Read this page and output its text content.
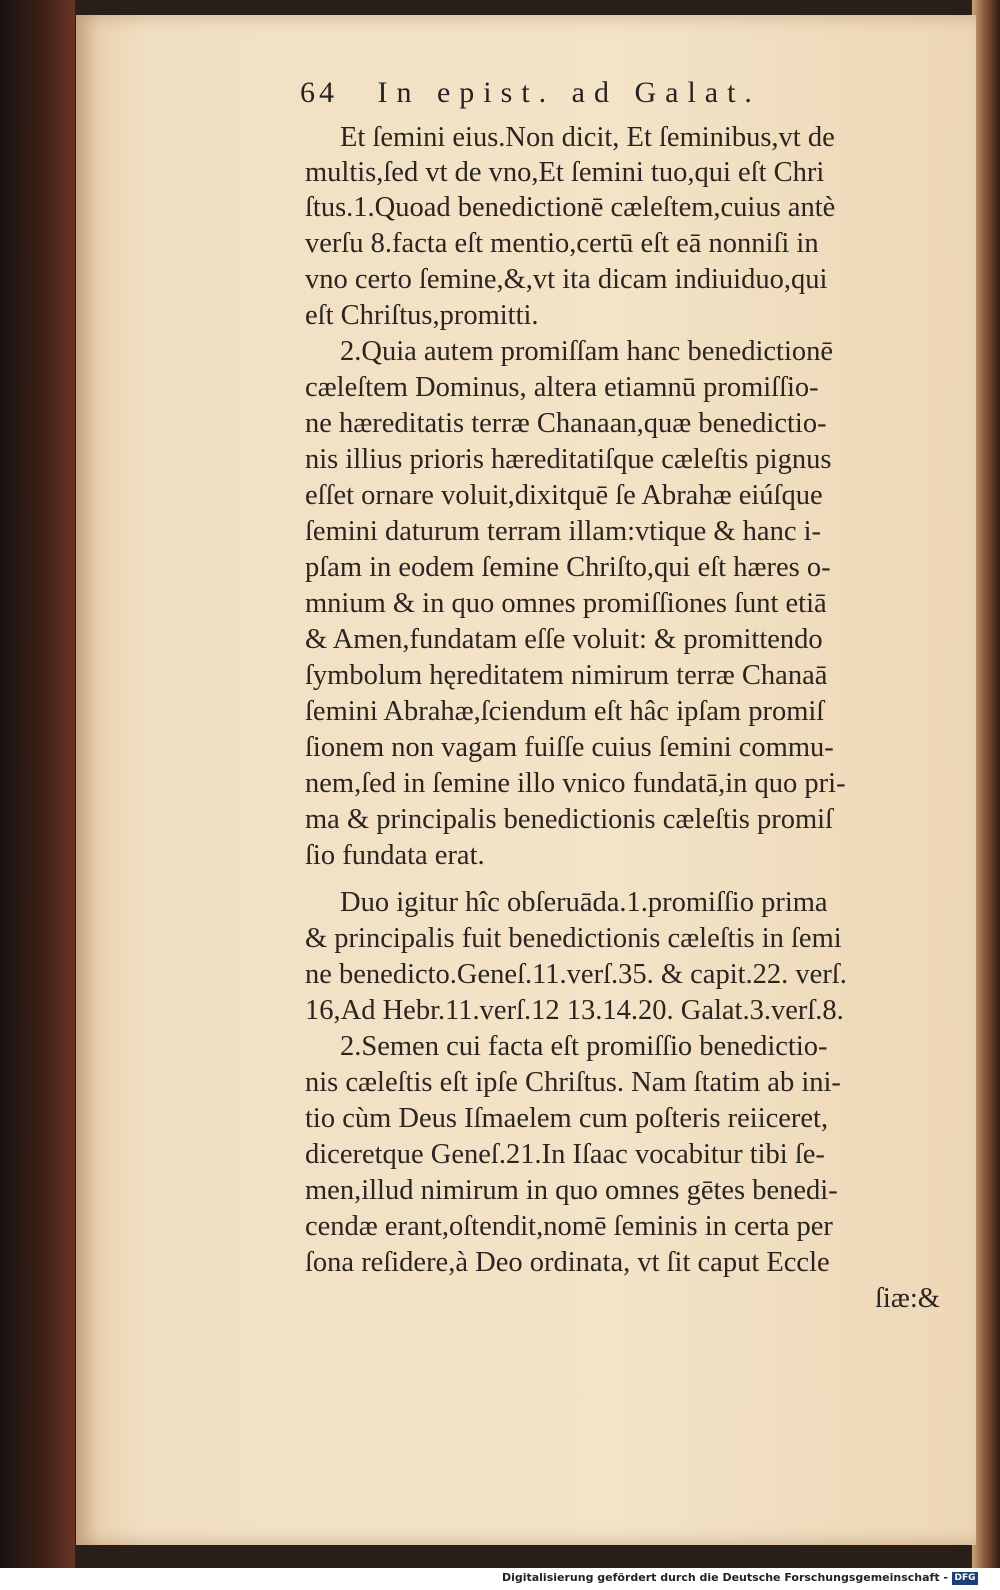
64 In epist. ad Galat.
Et ſemini eius.Non dicit, Et ſeminibus,vt de
multis,ſed vt de vno,Et ſemini tuo,qui eſt Chri
ſtus.1.Quoad benedictionē cæleſtem,cuius antè
verſu 8.facta eſt mentio,certū eſt eā nonniſi in
vno certo ſemine,&,vt ita dicam indiuiduo,qui
eſt Chriſtus,promitti.
2.Quia autem promiſſam hanc benedictionē
cæleſtem Dominus, altera etiamnū promiſſio-
ne hæreditatis terræ Chanaan,quæ benedictio-
nis illius prioris hæreditatiſque cæleſtis pignus
eſſet ornare voluit,dixitquē ſe Abrahæ eiúſque
ſemini daturum terram illam:vtique & hanc i-
pſam in eodem ſemine Chriſto,qui eſt hæres o-
mnium & in quo omnes promiſſiones ſunt etiā
& Amen,fundatam eſſe voluit: & promittendo
ſymbolum hęreditatem nimirum terræ Chanaā
ſemini Abrahæ,ſciendum eſt hâc ipſam promiſ
ſionem non vagam fuiſſe cuius ſemini commu-
nem,ſed in ſemine illo vnico fundatā,in quo pri-
ma & principalis benedictionis cæleſtis promiſ
ſio fundata erat.
Duo igitur hîc obſeruāda.1.promiſſio prima
& principalis fuit benedictionis cæleſtis in ſemi
ne benedicto.Geneſ.11.verſ.35. & capit.22. verſ.
16,Ad Hebr.11.verſ.12 13.14.20. Galat.3.verſ.8.
2.Semen cui facta eſt promiſſio benedictio-
nis cæleſtis eſt ipſe Chriſtus. Nam ſtatim ab ini-
tio cùm Deus Iſmaelem cum poſteris reiiceret,
diceretque Geneſ.21.In Iſaac vocabitur tibi ſe-
men,illud nimirum in quo omnes gētes benedi-
cendæ erant,oſtendit,nomē ſeminis in certa per
ſona reſidere,à Deo ordinata, vt ſit caput Eccle
ſiæ:&
Digitalisierung gefördert durch die Deutsche Forschungsgemeinschaft - DFG
